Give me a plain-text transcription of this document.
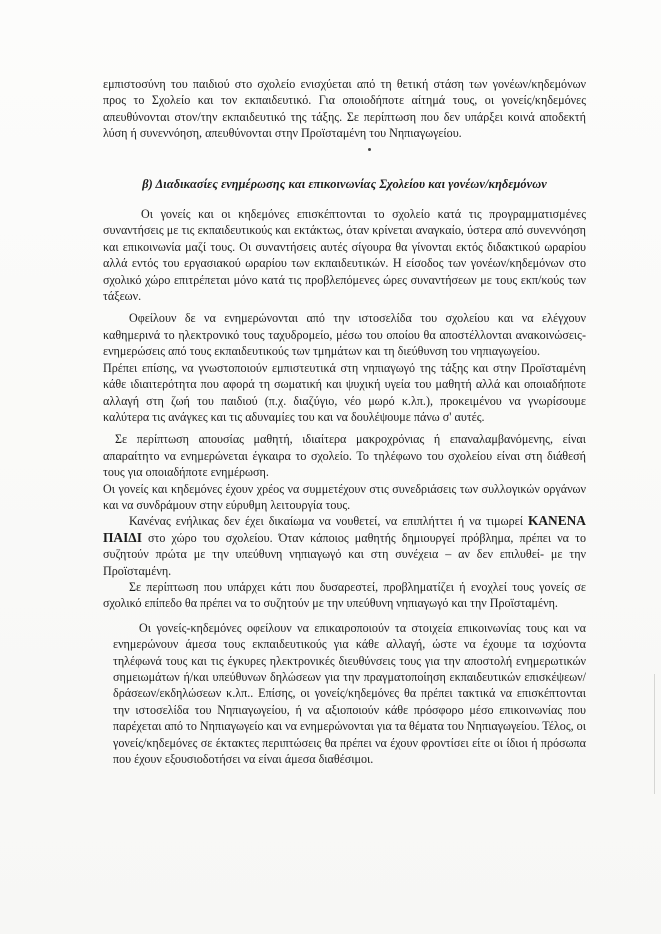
εμπιστοσύνη του παιδιού στο σχολείο ενισχύεται από τη θετική στάση των γονέων/κηδεμόνων προς το Σχολείο και τον εκπαιδευτικό. Για οποιοδήποτε αίτημά τους, οι γονείς/κηδεμόνες απευθύνονται στον/την εκπαιδευτικό της τάξης. Σε περίπτωση που δεν υπάρξει κοινά αποδεκτή λύση ή συνεννόηση, απευθύνονται στην Προϊσταμένη του Νηπιαγωγείου.

β) Διαδικασίες ενημέρωσης και επικοινωνίας Σχολείου και γονέων/κηδεμόνων

Οι γονείς και οι κηδεμόνες επισκέπτονται το σχολείο κατά τις προγραμματισμένες συναντήσεις με τις εκπαιδευτικούς και εκτάκτως, όταν κρίνεται αναγκαίο, ύστερα από συνεννόηση και επικοινωνία μαζί τους. Οι συναντήσεις αυτές σίγουρα θα γίνονται εκτός διδακτικού ωραρίου αλλά εντός του εργασιακού ωραρίου των εκπαιδευτικών. Η είσοδος των γονέων/κηδεμόνων στο σχολικό χώρο επιτρέπεται μόνο κατά τις προβλεπόμενες ώρες συναντήσεων με τους εκπ/κούς των τάξεων.

Οφείλουν δε να ενημερώνονται από την ιστοσελίδα του σχολείου και να ελέγχουν καθημερινά το ηλεκτρονικό τους ταχυδρομείο, μέσω του οποίου θα αποστέλλονται ανακοινώσεις-ενημερώσεις από τους εκπαιδευτικούς των τμημάτων και τη διεύθυνση του νηπιαγωγείου.

Πρέπει επίσης, να γνωστοποιούν εμπιστευτικά στη νηπιαγωγό της τάξης και στην Προϊσταμένη κάθε ιδιαιτερότητα που αφορά τη σωματική και ψυχική υγεία του μαθητή αλλά και οποιαδήποτε αλλαγή στη ζωή του παιδιού (π.χ. διαζύγιο, νέο μωρό κ.λπ.), προκειμένου να γνωρίσουμε καλύτερα τις ανάγκες και τις αδυναμίες του και να δουλέψουμε πάνω σ' αυτές.

Σε περίπτωση απουσίας μαθητή, ιδιαίτερα μακροχρόνιας ή επαναλαμβανόμενης, είναι απαραίτητο να ενημερώνεται έγκαιρα το σχολείο. Το τηλέφωνο του σχολείου είναι στη διάθεσή τους για οποιαδήποτε ενημέρωση.

Οι γονείς και κηδεμόνες έχουν χρέος να συμμετέχουν στις συνεδριάσεις των συλλογικών οργάνων και να συνδράμουν στην εύρυθμη λειτουργία τους.

Κανένας ενήλικας δεν έχει δικαίωμα να νουθετεί, να επιπλήττει ή να τιμωρεί ΚΑΝΕΝΑ ΠΑΙΔΙ στο χώρο του σχολείου. Όταν κάποιος μαθητής δημιουργεί πρόβλημα, πρέπει να το συζητούν πρώτα με την υπεύθυνη νηπιαγωγό και στη συνέχεια – αν δεν επιλυθεί- με την Προϊσταμένη.

Σε περίπτωση που υπάρχει κάτι που δυσαρεστεί, προβληματίζει ή ενοχλεί τους γονείς σε σχολικό επίπεδο θα πρέπει να το συζητούν με την υπεύθυνη νηπιαγωγό και την Προϊσταμένη.

Οι γονείς-κηδεμόνες οφείλουν να επικαιροποιούν τα στοιχεία επικοινωνίας τους και να ενημερώνουν άμεσα τους εκπαιδευτικούς για κάθε αλλαγή, ώστε να έχουμε τα ισχύοντα τηλέφωνά τους και τις έγκυρες ηλεκτρονικές διευθύνσεις τους για την αποστολή ενημερωτικών σημειωμάτων ή/και υπεύθυνων δηλώσεων για την πραγματοποίηση εκπαιδευτικών επισκέψεων/δράσεων/εκδηλώσεων κ.λπ.. Επίσης, οι γονείς/κηδεμόνες θα πρέπει τακτικά να επισκέπτονται την ιστοσελίδα του Νηπιαγωγείου, ή να αξιοποιούν κάθε πρόσφορο μέσο επικοινωνίας που παρέχεται από το Νηπιαγωγείο και να ενημερώνονται για τα θέματα του Νηπιαγωγείου. Τέλος, οι γονείς/κηδεμόνες σε έκτακτες περιπτώσεις θα πρέπει να έχουν φροντίσει είτε οι ίδιοι ή πρόσωπα που έχουν εξουσιοδοτήσει να είναι άμεσα διαθέσιμοι.
